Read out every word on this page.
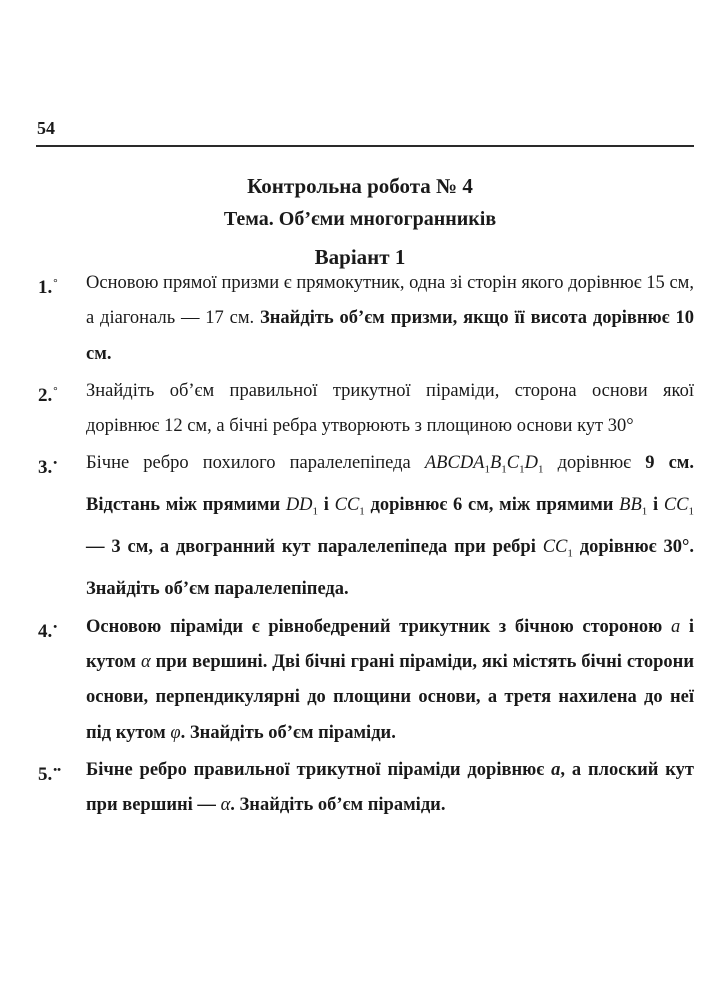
54
Контрольна робота № 4
Тема. Об’єми многогранників
Варіант 1
1.°	Основою прямої призми є прямокутник, одна зі сторін якого дорівнює 15 см, а діагональ — 17 см. Знайдіть об’єм призми, якщо її висота дорівнює 10 см.
2.°	Знайдіть об’єм правильної трикутної піраміди, сторона основи якої дорівнює 12 см, а бічні ребра утворюють з площиною основи кут 30°
3.•	Бічне ребро похилого паралелепіпеда $ABCDA_1B_1C_1D_1$ дорівнює 9 см. Відстань між прямими $DD_1$ і $CC_1$ дорівнює 6 см, між прямими $BB_1$ і $CC_1$ — 3 см, а двогранний кут паралелепіпеда при ребрі $CC_1$ дорівнює 30°. Знайдіть об’єм паралелепіпеда.
4.•	Основою піраміди є рівнобедрений трикутник з бічною стороною a і кутом α при вершині. Дві бічні грані піраміди, які містять бічні сторони основи, перпендикулярні до площини основи, а третя нахилена до неї під кутом φ. Знайдіть об’єм піраміди.
5.••	Бічне ребро правильної трикутної піраміди дорівнює a, а плоский кут при вершині — α. Знайдіть об’єм піраміди.
